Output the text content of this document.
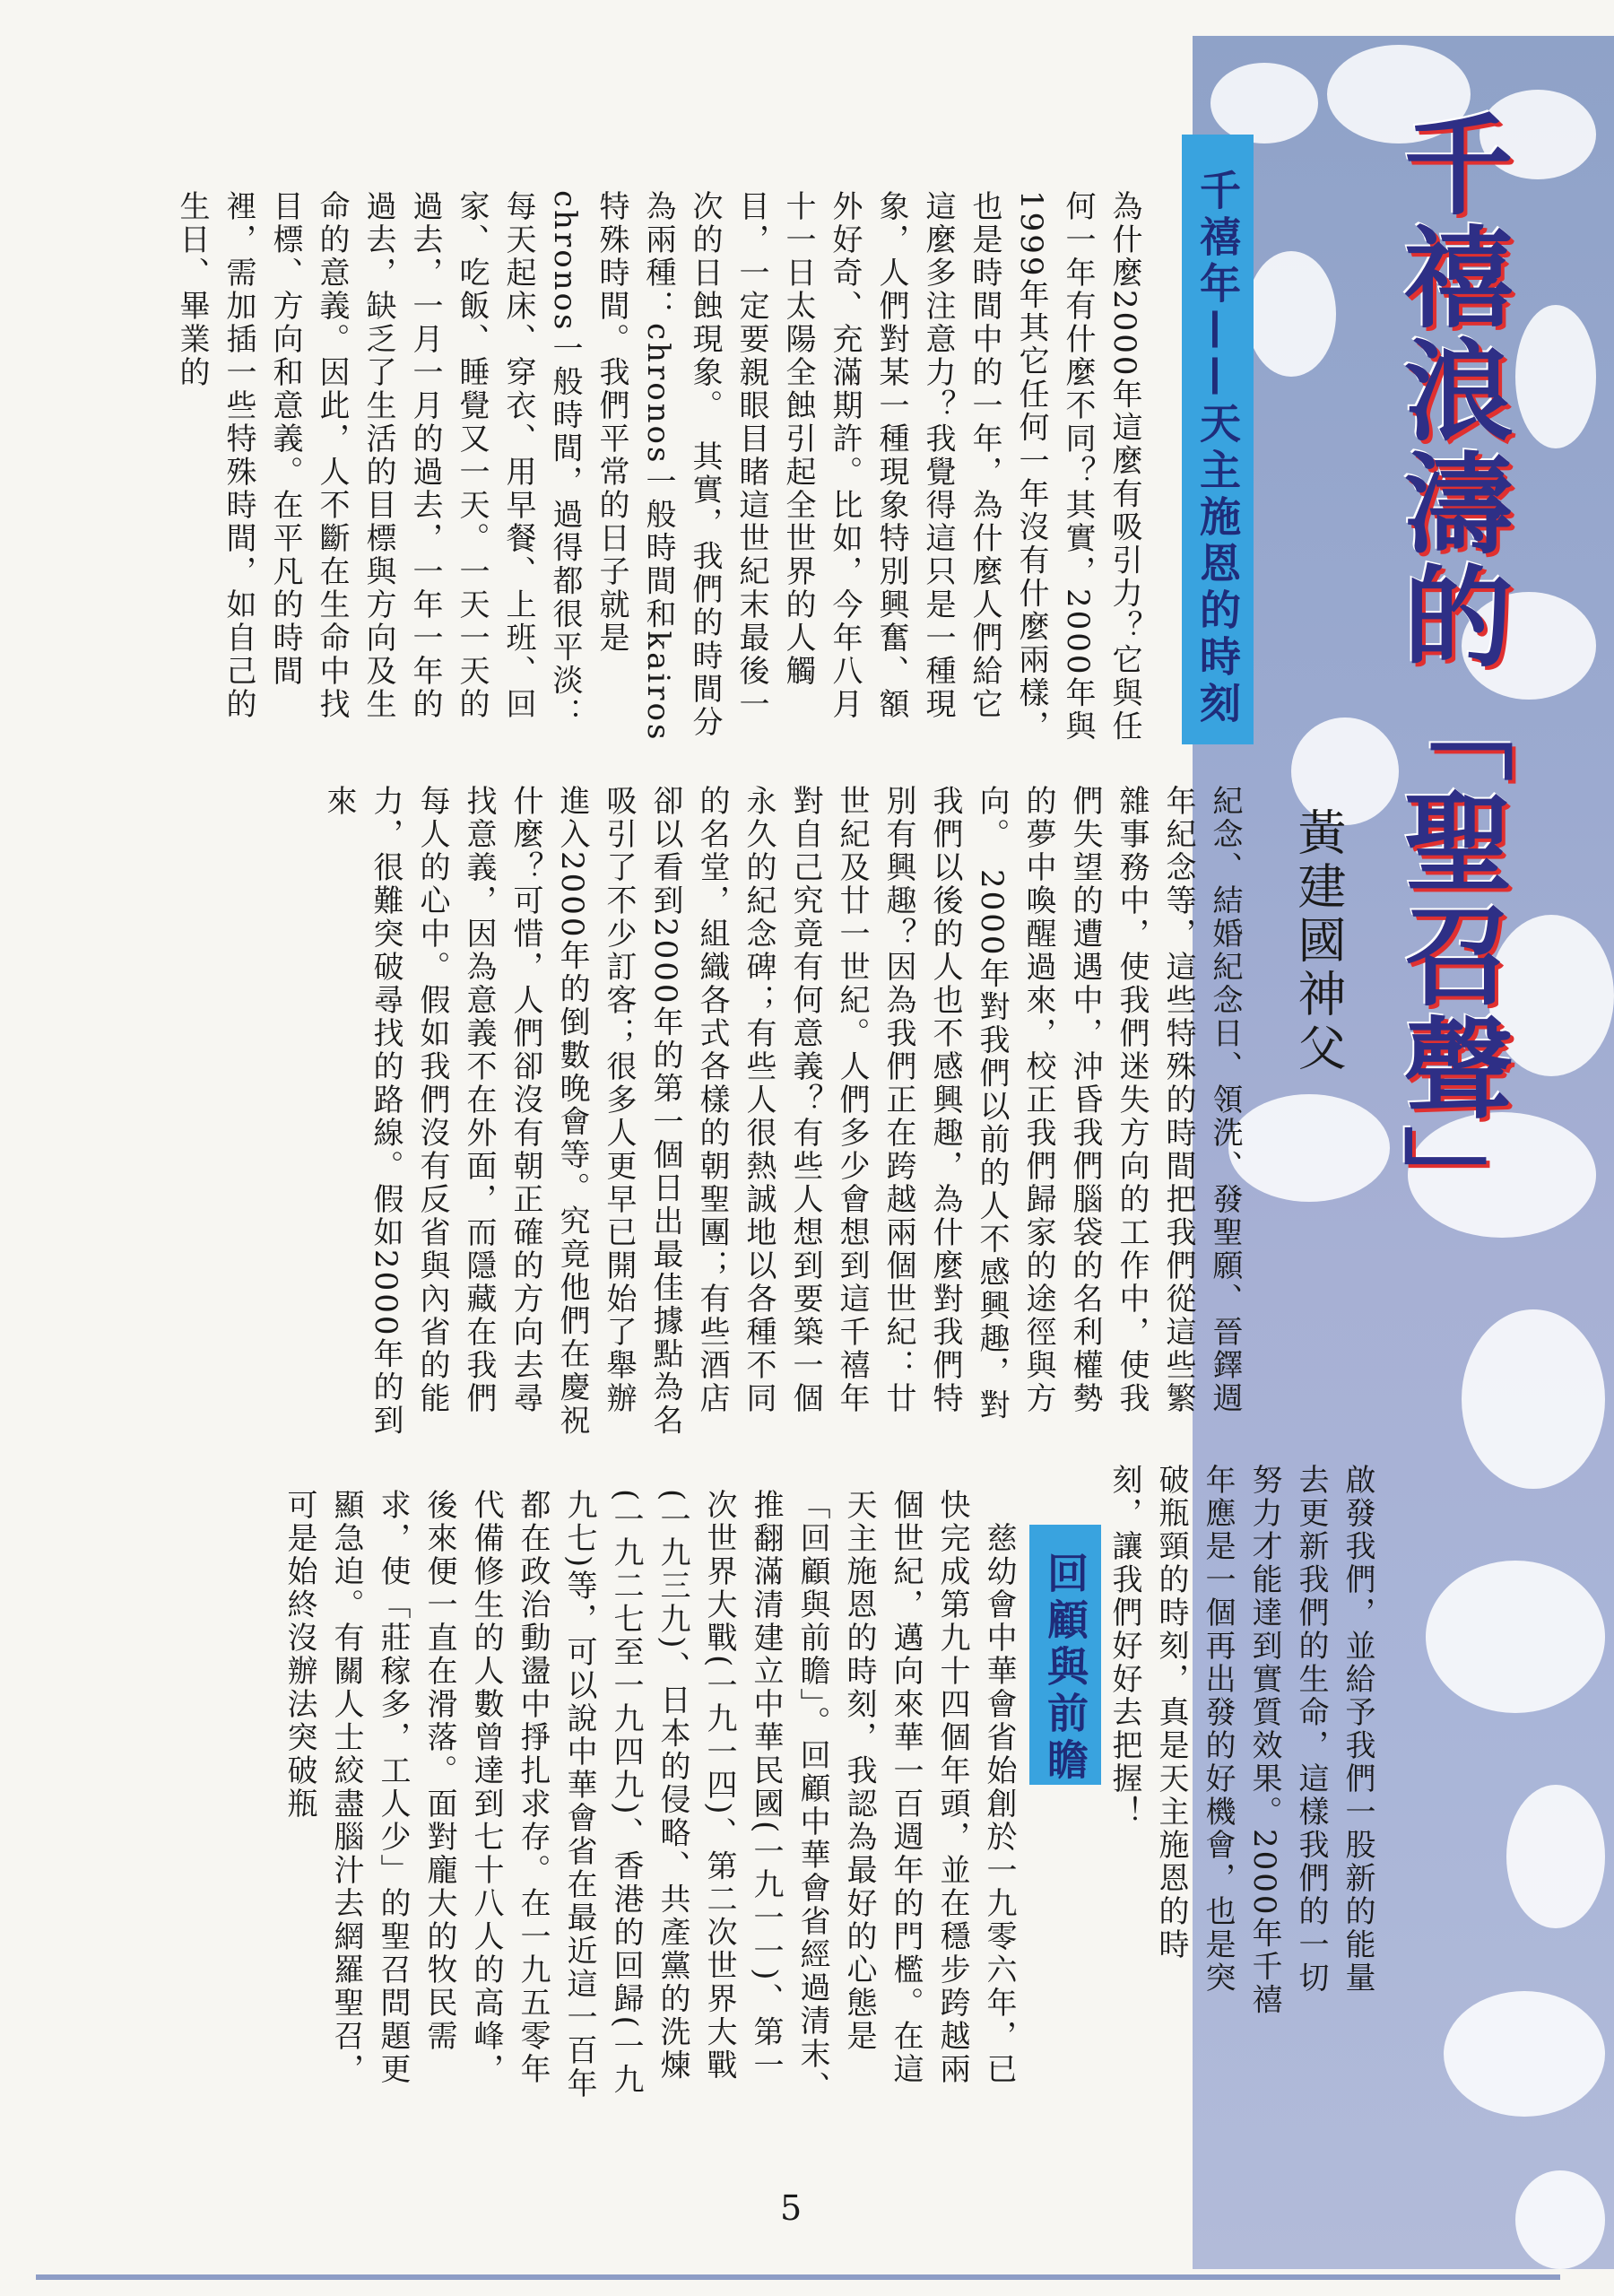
千禧浪濤的「聖召聲」
黃建國神父
千禧年——天主施恩的時刻
為什麼2000年這麼有吸引力？它與任何一年有什麼不同？其實，2000年與1999年其它任何一年沒有什麼兩樣，也是時間中的一年，為什麼人們給它這麼多注意力？我覺得這只是一種現象，人們對某一種現象特別興奮、額外好奇、充滿期許。比如，今年八月十一日太陽全蝕引起全世界的人觸目，一定要親眼目睹這世紀末最後一次的日蝕現象。　其實，我們的時間分為兩種：chronos一般時間和kairos特殊時間。我們平常的日子就是chronos一般時間，過得都很平淡：每天起床、穿衣、用早餐、上班、回家、吃飯、睡覺又一天。一天一天的過去，一月一月的過去，一年一年的過去，缺乏了生活的目標與方向及生命的意義。因此，人不斷在生命中找目標、方向和意義。在平凡的時間裡，需加插一些特殊時間，如自己的生日、畢業的
紀念、結婚紀念日、領洗、發聖願、晉鐸週年紀念等，這些特殊的時間把我們從這些繁雜事務中，使我們迷失方向的工作中，使我們失望的遭遇中，沖昏我們腦袋的名利權勢的夢中喚醒過來，校正我們歸家的途徑與方向。　2000年對我們以前的人不感興趣，對我們以後的人也不感興趣，為什麼對我們特別有興趣？因為我們正在跨越兩個世紀：廿世紀及廿一世紀。人們多少會想到這千禧年對自己究竟有何意義？有些人想到要築一個永久的紀念碑；有些人很熱誠地以各種不同的名堂，組織各式各樣的朝聖團；有些酒店卻以看到2000年的第一個日出最佳據點為名吸引了不少訂客；很多人更早已開始了舉辦進入2000年的倒數晚會等。究竟他們在慶祝什麼？可惜，人們卻沒有朝正確的方向去尋找意義，因為意義不在外面，而隱藏在我們每人的心中。假如我們沒有反省與內省的能力，很難突破尋找的路線。假如2000年的到來
啟發我們，並給予我們一股新的能量去更新我們的生命，這樣我們的一切努力才能達到實質效果。2000年千禧年應是一個再出發的好機會，也是突破瓶頸的時刻，真是天主施恩的時刻，讓我們好好去把握！
回顧與前瞻
　慈幼會中華會省始創於一九零六年，已快完成第九十四個年頭，並在穩步跨越兩個世紀，邁向來華一百週年的門檻。在這天主施恩的時刻，我認為最好的心態是「回顧與前瞻」。回顧中華會省經過清末、推翻滿清建立中華民國(一九一一)、第一次世界大戰(一九一四)、第二次世界大戰(一九三九)、日本的侵略、共產黨的洗煉(一九二七至一九四九)、香港的回歸(一九九七)等，可以說中華會省在最近這一百年都在政治動盪中掙扎求存。在一九五零年代備修生的人數曾達到七十八人的高峰，後來便一直在滑落。面對龐大的牧民需求，使「莊稼多，工人少」的聖召問題更顯急迫。有關人士絞盡腦汁去網羅聖召，可是始終沒辦法突破瓶
5
